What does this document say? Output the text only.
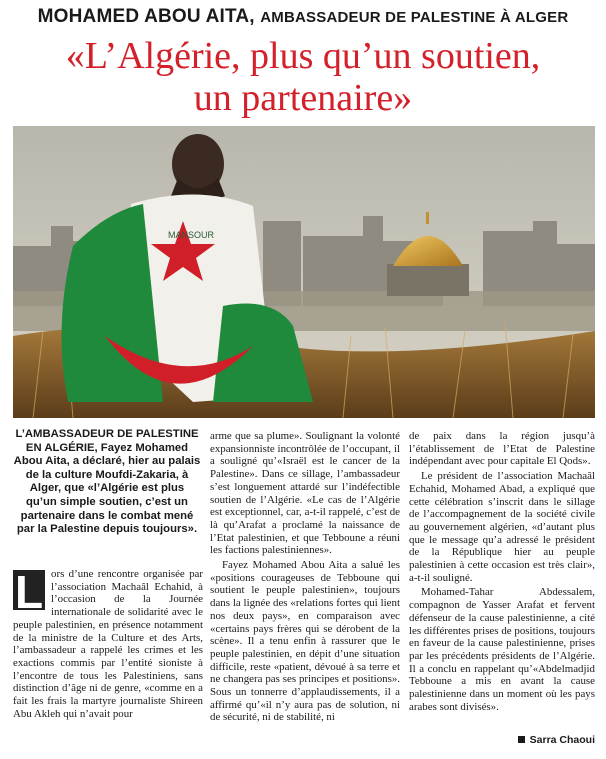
MOHAMED ABOU AITA, AMBASSADEUR DE PALESTINE À ALGER
«L’Algérie, plus qu’un soutien,
un partenaire»
MANSOUR
L’AMBASSADEUR DE PALESTINE EN ALGÉRIE, Fayez Mohamed Abou Aita, a déclaré, hier au palais de la culture Moufdi-Zakaria, à Alger, que «l’Algérie est plus qu’un simple soutien, c’est un partenaire dans le combat mené par la Palestine depuis toujours».
L ors d’une rencontre organisée par l’association Machaâl Echahid, à l’occasion de la Journée internationale de solidarité avec le peuple palestinien, en présence notamment de la ministre de la Culture et des Arts, l’ambassadeur a rappelé les crimes et les exactions commis par l’entité sioniste à l’encontre de tous les Palestiniens, sans distinction d’âge ni de genre, «comme en a fait les frais la martyre journaliste Shireen Abu Akleh qui n’avait pour

arme que sa plume». Soulignant la volonté expansionniste incontrôlée de l’occupant, il a souligné qu’«Israël est le cancer de la Palestine». Dans ce sillage, l’ambassadeur s’est longuement attardé sur l’indéfectible soutien de l’Algérie. «Le cas de l’Algérie est exceptionnel, car, a-t-il rappelé, c’est de là qu’Arafat a proclamé la naissance de l’Etat palestinien, et que Tebboune a réuni les factions palestiniennes».

Fayez Mohamed Abou Aita a salué les «positions courageuses de Tebboune qui soutient le peuple palestinien», toujours dans la lignée des «relations fortes qui lient nos deux pays», en comparaison avec «certains pays frères qui se dérobent de la scène». Il a tenu enfin à rassurer que le peuple palestinien, en dépit d’une situation difficile, reste «patient, dévoué à sa terre et ne changera pas ses principes et positions». Sous un tonnerre d’applaudissements, il a affirmé qu’«il n’y aura pas de solution, ni de sécurité, ni de stabilité, ni

de paix dans la région jusqu’à l’établissement de l’Etat de Palestine indépendant avec pour capitale El Qods».

Le président de l’association Machaâl Echahid, Mohamed Abad, a expliqué que cette célébration s’inscrit dans le sillage de l’accompagnement de la société civile au gouvernement algérien, «d’autant plus que le message qu’a adressé le président de la République hier au peuple palestinien à cette occasion est très clair», a-t-il souligné.

Mohamed-Tahar Abdessalem, compagnon de Yasser Arafat et fervent défenseur de la cause palestinienne, a cité les différentes prises de positions, toujours en faveur de la cause palestinienne, prises par les précédents présidents de l’Algérie. Il a conclu en rappelant qu’«Abdelmadjid Tebboune a mis en avant la cause palestinienne dans un moment où les pays arabes sont divisés».

Sarra Chaoui
